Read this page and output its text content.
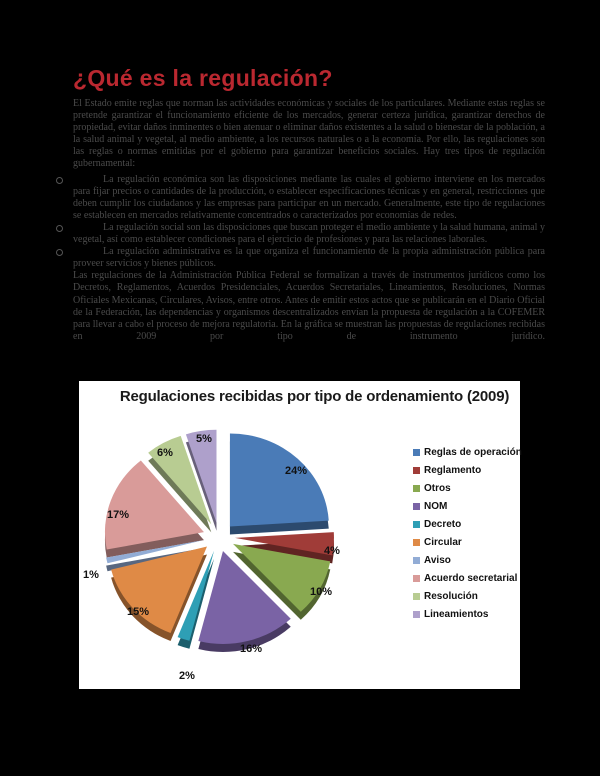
¿Qué es la regulación?

El Estado emite reglas que norman las actividades económicas y sociales de los particulares. Mediante estas reglas se pretende garantizar el funcionamiento eficiente de los mercados, generar certeza jurídica, garantizar derechos de propiedad, evitar daños inminentes o bien atenuar o eliminar daños existentes a la salud o bienestar de la población, a la salud animal y vegetal, al medio ambiente, a los recursos naturales o a la economía. Por ello, las regulaciones son las reglas o normas emitidas por el gobierno para garantizar beneficios sociales. Hay tres tipos de regulación gubernamental:

La regulación económica son las disposiciones mediante las cuales el gobierno interviene en los mercados para fijar precios o cantidades de la producción, o establecer especificaciones técnicas y en general, restricciones que deben cumplir los ciudadanos y las empresas para participar en un mercado. Generalmente, este tipo de regulaciones se establecen en mercados relativamente concentrados o caracterizados por economías de redes.
La regulación social son las disposiciones que buscan proteger el medio ambiente y la salud humana, animal y vegetal, así como establecer condiciones para el ejercicio de profesiones y para las relaciones laborales.
La regulación administrativa es la que organiza el funcionamiento de la propia administración pública para proveer servicios y bienes públicos.

Las regulaciones de la Administración Pública Federal se formalizan a través de instrumentos jurídicos como los Decretos, Reglamentos, Acuerdos Presidenciales, Acuerdos Secretariales, Lineamientos, Resoluciones, Normas Oficiales Mexicanas, Circulares, Avisos, entre otros. Antes de emitir estos actos que se publicarán en el Diario Oficial de la Federación, las dependencias y organismos descentralizados envían la propuesta de regulación a la COFEMER para llevar a cabo el proceso de mejora regulatoria. En la gráfica se muestran las propuestas de regulaciones recibidas en 2009 por tipo de instrumento jurídico.

Regulaciones recibidas por tipo de ordenamiento (2009)
24%
4%
10%
16%
2%
15%
1%
17%
6%
5%
Reglas de operación
Reglamento
Otros
NOM
Decreto
Circular
Aviso
Acuerdo secretarial
Resolución
Lineamientos
